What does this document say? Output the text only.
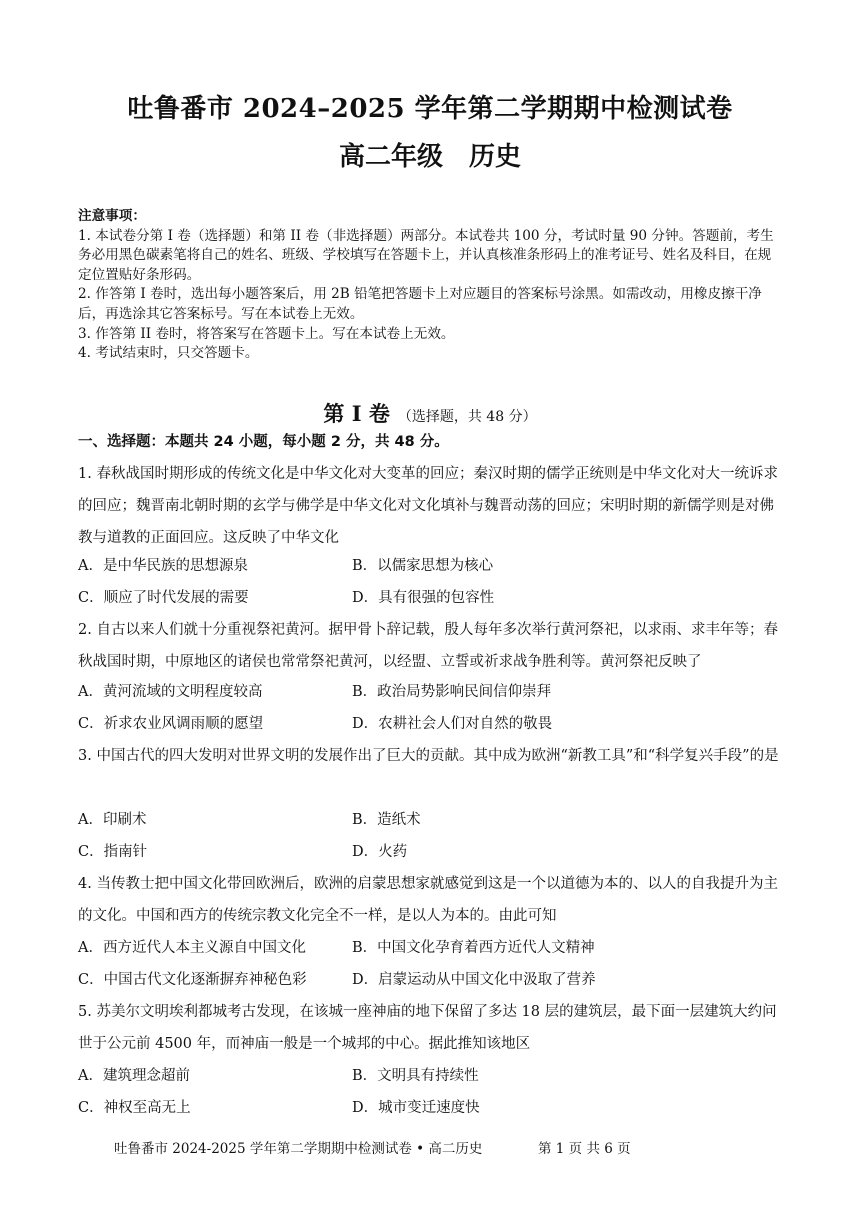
吐鲁番市 2024–2025 学年第二学期期中检测试卷
高二年级 历史

注意事项：

1. 本试卷分第 I 卷（选择题）和第 II 卷（非选择题）两部分。本试卷共 100 分，考试时量 90 分钟。答题前，考生务必用黑色碳素笔将自己的姓名、班级、学校填写在答题卡上，并认真核准条形码上的准考证号、姓名及科目，在规定位置贴好条形码。

2. 作答第 I 卷时，选出每小题答案后，用 2B 铅笔把答题卡上对应题目的答案标号涂黑。如需改动，用橡皮擦干净后，再选涂其它答案标号。写在本试卷上无效。

3. 作答第 II 卷时，将答案写在答题卡上。写在本试卷上无效。

4. 考试结束时，只交答题卡。

第 I 卷 （选择题，共 48 分）
一、选择题：本题共 24 小题，每小题 2 分，共 48 分。
1. 春秋战国时期形成的传统文化是中华文化对大变革的回应；秦汉时期的儒学正统则是中华文化对大一统诉求的回应；魏晋南北朝时期的玄学与佛学是中华文化对文化填补与魏晋动荡的回应；宋明时期的新儒学则是对佛教与道教的正面回应。这反映了中华文化
A．是中华民族的思想源泉	B．以儒家思想为核心
C．顺应了时代发展的需要	D．具有很强的包容性
2. 自古以来人们就十分重视祭祀黄河。据甲骨卜辞记载，殷人每年多次举行黄河祭祀，以求雨、求丰年等；春秋战国时期，中原地区的诸侯也常常祭祀黄河，以经盟、立誓或祈求战争胜利等。黄河祭祀反映了
A．黄河流域的文明程度较高	B．政治局势影响民间信仰崇拜
C．祈求农业风调雨顺的愿望	D．农耕社会人们对自然的敬畏
3. 中国古代的四大发明对世界文明的发展作出了巨大的贡献。其中成为欧洲“新教工具”和“科学复兴手段”的是
A．印刷术	B．造纸术
C．指南针	D．火药
4. 当传教士把中国文化带回欧洲后，欧洲的启蒙思想家就感觉到这是一个以道德为本的、以人的自我提升为主的文化。中国和西方的传统宗教文化完全不一样，是以人为本的。由此可知
A．西方近代人本主义源自中国文化	B．中国文化孕育着西方近代人文精神
C．中国古代文化逐渐摒弃神秘色彩	D．启蒙运动从中国文化中汲取了营养
5. 苏美尔文明埃利都城考古发现，在该城一座神庙的地下保留了多达 18 层的建筑层，最下面一层建筑大约问世于公元前 4500 年，而神庙一般是一个城邦的中心。据此推知该地区
A．建筑理念超前	B．文明具有持续性
C．神权至高无上	D．城市变迁速度快
吐鲁番市 2024-2025 学年第二学期期中检测试卷 • 高二历史	第 1 页 共 6 页
